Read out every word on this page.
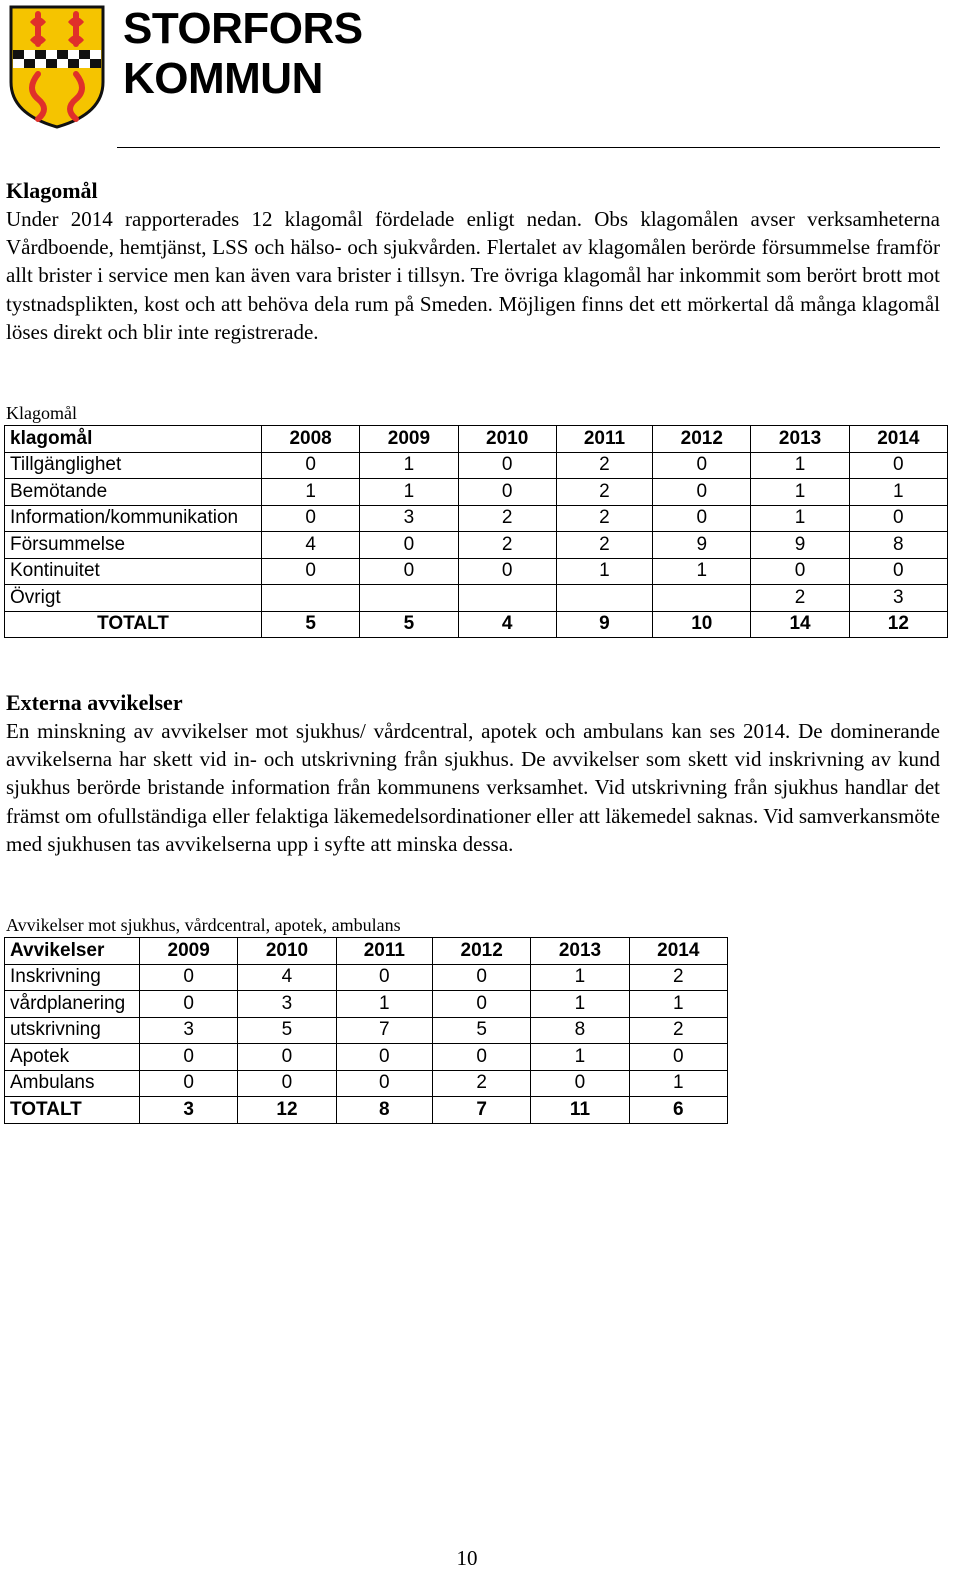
STORFORS
KOMMUN
Klagomål

Under 2014 rapporterades 12 klagomål fördelade enligt nedan. Obs klagomålen avser verksamheterna Vårdboende, hemtjänst, LSS och hälso- och sjukvården. Flertalet av klagomålen berörde försummelse framför allt brister i service men kan även vara brister i tillsyn. Tre övriga klagomål har inkommit som berört brott mot tystnadsplikten, kost och att behöva dela rum på Smeden. Möjligen finns det ett mörkertal då många klagomål löses direkt och blir inte registrerade.

Klagomål
klagomål	2008	2009	2010	2011	2012	2013	2014
Tillgänglighet	0	1	0	2	0	1	0
Bemötande	1	1	0	2	0	1	1
Information/kommunikation	0	3	2	2	0	1	0
Försummelse	4	0	2	2	9	9	8
Kontinuitet	0	0	0	1	1	0	0
Övrigt						2	3
TOTALT	5	5	4	9	10	14	12
Externa avvikelser

En minskning av avvikelser mot sjukhus/ vårdcentral, apotek och ambulans kan ses 2014. De dominerande avvikelserna har skett vid in- och utskrivning från sjukhus. De avvikelser som skett vid inskrivning av kund sjukhus berörde bristande information från kommunens verksamhet. Vid utskrivning från sjukhus handlar det främst om ofullständiga eller felaktiga läkemedelsordinationer eller att läkemedel saknas. Vid samverkansmöte med sjukhusen tas avvikelserna upp i syfte att minska dessa.

Avvikelser mot sjukhus, vårdcentral, apotek, ambulans
Avvikelser	2009	2010	2011	2012	2013	2014
Inskrivning	0	4	0	0	1	2
vårdplanering	0	3	1	0	1	1
utskrivning	3	5	7	5	8	2
Apotek	0	0	0	0	1	0
Ambulans	0	0	0	2	0	1
TOTALT	3	12	8	7	11	6
10
